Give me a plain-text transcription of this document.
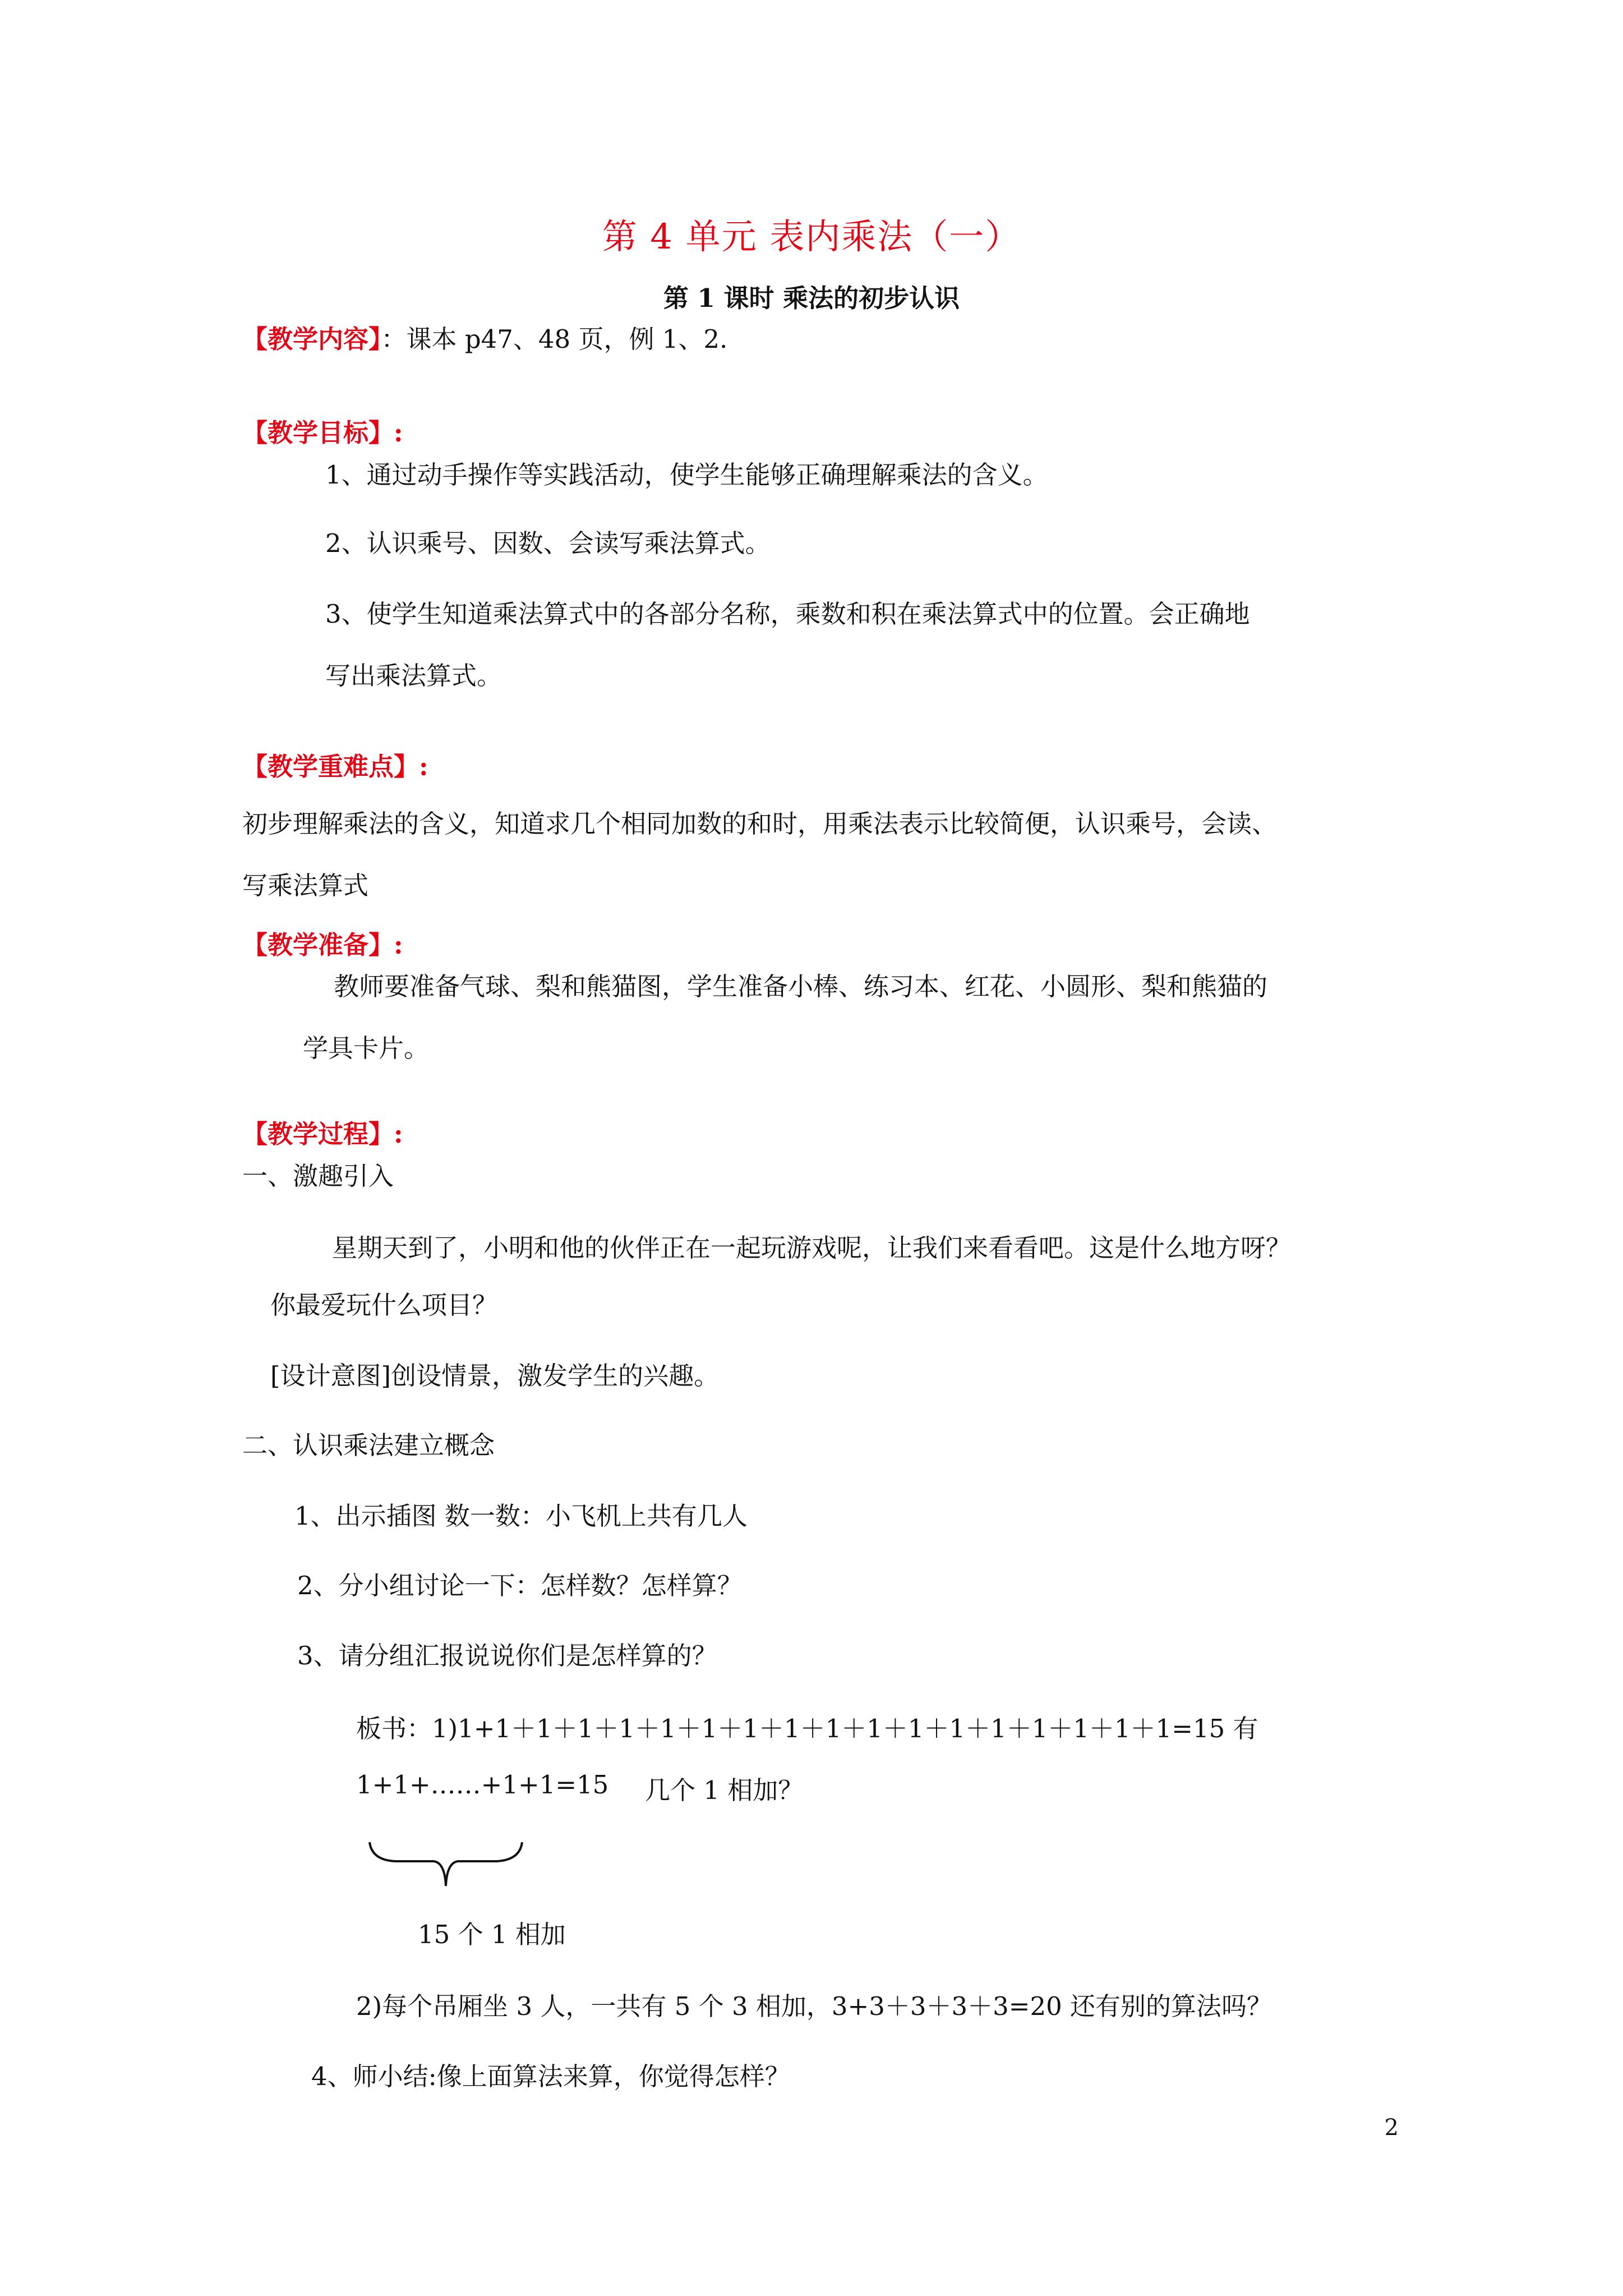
第 4 单元 表内乘法（一）
第 1 课时 乘法的初步认识
【教学内容】：课本 p47、48 页，例 1、2.
【教学目标】:
1、通过动手操作等实践活动，使学生能够正确理解乘法的含义。
2、认识乘号、因数、会读写乘法算式。
3、使学生知道乘法算式中的各部分名称，乘数和积在乘法算式中的位置。会正确地
写出乘法算式。
【教学重难点】:
初步理解乘法的含义，知道求几个相同加数的和时，用乘法表示比较简便，认识乘号，会读、
写乘法算式
【教学准备】:
教师要准备气球、梨和熊猫图，学生准备小棒、练习本、红花、小圆形、梨和熊猫的
学具卡片。
【教学过程】:
一、激趣引入
星期天到了，小明和他的伙伴正在一起玩游戏呢，让我们来看看吧。这是什么地方呀？
你最爱玩什么项目？
[设计意图]创设情景，激发学生的兴趣。
二、认识乘法建立概念
1、出示插图 数一数：小飞机上共有几人
2、分小组讨论一下：怎样数？怎样算？
3、请分组汇报说说你们是怎样算的？
板书：1)1+1＋1＋1＋1＋1＋1＋1＋1＋1＋1＋1＋1＋1＋1＋1＋1＋1=15 有
1+1+……+1+1=15 几个 1 相加？
15 个 1 相加
2)每个吊厢坐 3 人，一共有 5 个 3 相加，3+3＋3＋3＋3=20 还有别的算法吗？
4、师小结:像上面算法来算，你觉得怎样？
2
